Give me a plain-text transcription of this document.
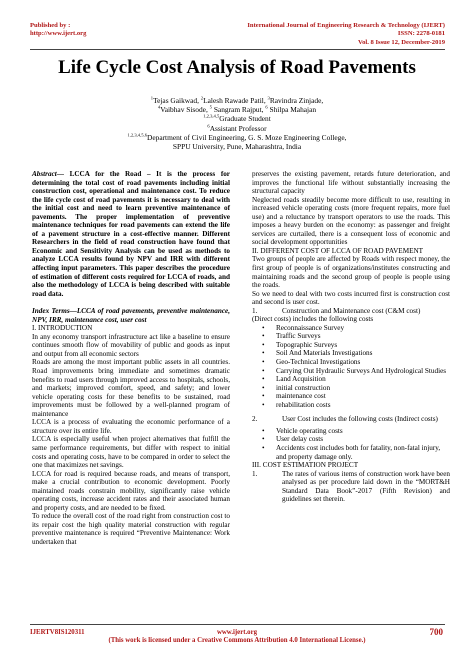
Published by :
http://www.ijert.org
International Journal of Engineering Research & Technology (IJERT)
ISSN: 2278-0181
Vol. 8 Issue 12, December-2019
Life Cycle Cost Analysis of Road Pavements
$^1$Tejas Gaikwad, $^2$Lalesh Rawade Patil, $^3$Ravindra Zinjade,
$^4$Vaibhav Sisode, $^5$ Sangram Rajput, $^6$ Shilpa Mahajan
$^{1,2,3,4,5}$Graduate Student
$^6$Assistant Professor
$^{1,2,3,4,5,6}$Department of Civil Engineering, G. S. Moze Engineering College,
SPPU University, Pune, Maharashtra, India

Abstract— LCCA for the Road – It is the process for determining the total cost of road pavements including initial construction cost, operational and maintenance cost. To reduce the life cycle cost of road pavements it is necessary to deal with the initial cost and need to learn preventive maintenance of pavements. The proper implementation of preventive maintenance techniques for road pavements can extend the life of a pavement structure in a cost-effective manner. Different Researchers in the field of road construction have found that Economic and Sensitivity Analysis can be used as methods to analyze LCCA results found by NPV and IRR with different affecting input parameters. This paper describes the procedure of estimation of different costs required for LCCA of roads, and also the methodology of LCCA is being described with suitable road data.

Index Terms—LCCA of road pavements, preventive maintenance, NPV, IRR, maintenance cost, user cost

I. INTRODUCTION

In any economy transport infrastructure act like a baseline to ensure continues smooth flow of movability of public and goods as input and output from all economic sectors

Roads are among the most important public assets in all countries. Road improvements bring immediate and sometimes dramatic benefits to road users through improved access to hospitals, schools, and markets; improved comfort, speed, and safety; and lower vehicle operating costs for these benefits to be sustained, road improvements must be followed by a well-planned program of maintenance

LCCA is a process of evaluating the economic performance of a structure over its entire life.

LCCA is especially useful when project alternatives that fulfill the same performance requirements, but differ with respect to initial costs and operating costs, have to be compared in order to select the one that maximizes net savings.

LCCA for road is required because roads, and means of transport, make a crucial contribution to economic development. Poorly maintained roads constrain mobility, significantly raise vehicle operating costs, increase accident rates and their associated human and property costs, and are needed to be fixed.

To reduce the overall cost of the road right from construction cost to its repair cost the high quality material construction with regular preventive maintenance is required “Preventive Maintenance: Work undertaken that

preserves the existing pavement, retards future deterioration, and improves the functional life without substantially increasing the structural capacity

Neglected roads steadily become more difficult to use, resulting in increased vehicle operating costs (more frequent repairs, more fuel use) and a reluctance by transport operators to use the roads. This imposes a heavy burden on the economy: as passenger and freight services are curtailed, there is a consequent loss of economic and social development opportunities

II. DIFFERENT COST OF LCCA OF ROAD PAVEMENT

Two groups of people are affected by Roads with respect money, the first group of people is of organizations/institutes constructing and maintaining roads and the second group of people is people using the roads.

So we need to deal with two costs incurred first is construction cost and second is user cost.

1.	Construction and Maintenance cost (C&M cost)

(Direct costs) includes the following costs

• Reconnaissance Survey
• Traffic Surveys
• Topographic Surveys
• Soil And Materials Investigations
• Geo-Technical Investigations
• Carrying Out Hydraulic Surveys And Hydrological Studies
• Land Acquisition
• initial construction
• maintenance cost
• rehabilitation costs
2.	User Cost includes the following costs (Indirect costs)
• Vehicle operating costs
• User delay costs
• Accidents cost includes both for fatality, non-fatal injury, and property damage only.

III. COST ESTIMATION PROJECT

1.	The rates of various items of construction work have been analysed as per procedure laid down in the “MORT&H Standard Data Book”-2017 (Fifth Revision) and guidelines set therein.
IJERTV8IS120311	www.ijert.org
(This work is licensed under a Creative Commons Attribution 4.0 International License.)
700
